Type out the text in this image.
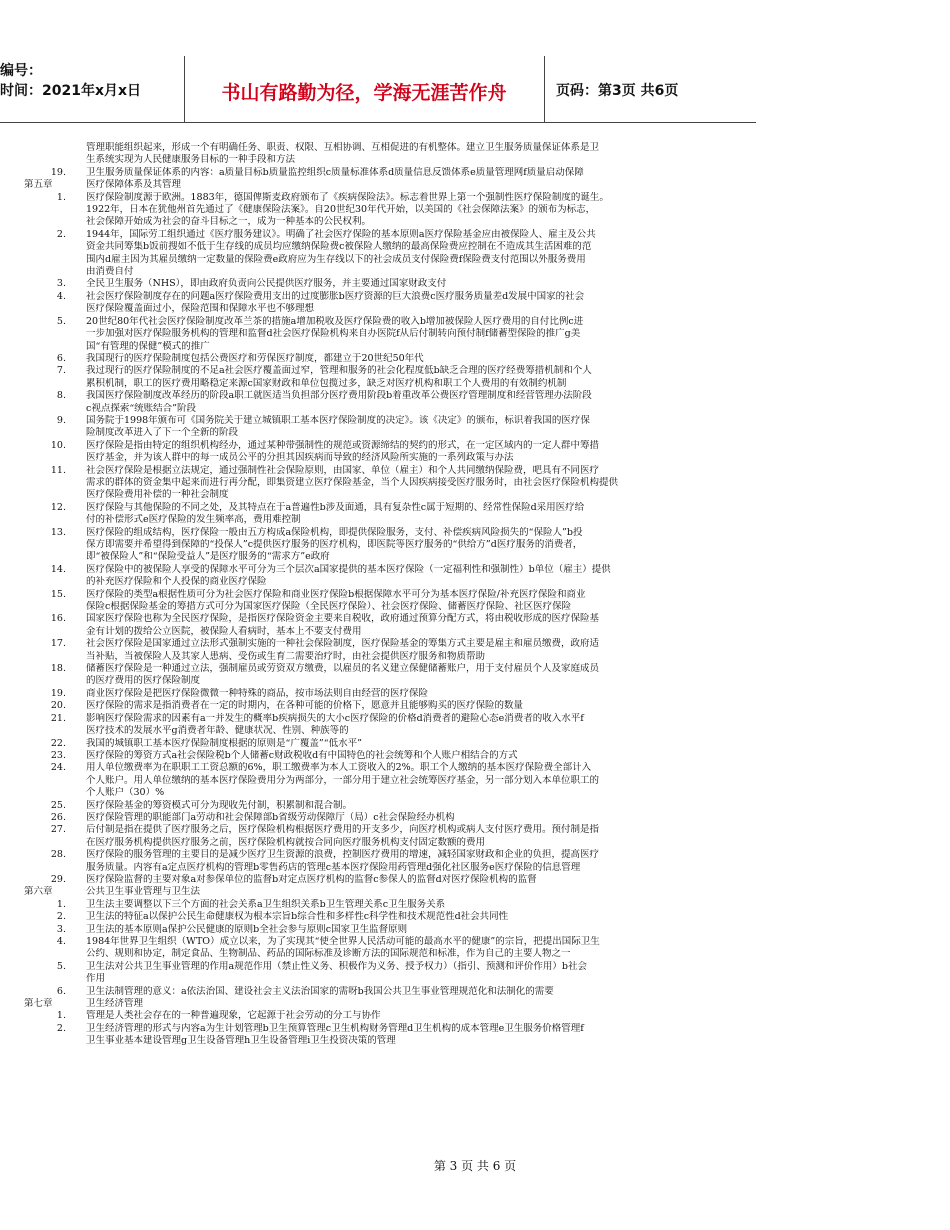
编号：
时间：2021年x月x日	书山有路勤为径，学海无涯苦作舟	页码：第3页 共6页
管理职能组织起来，形成一个有明确任务、职责、权限、互相协调、互相促进的有机整体。建立卫生服务质量保证体系是卫
生系统实现为人民健康服务目标的一种手段和方法
19.	卫生服务质量保证体系的内容：a质量目标b质量监控组织c质量标准体系d质量信息反馈体系e质量管理网f质量启动保障
第五章	医疗保障体系及其管理
1.	医疗保险制度源于欧洲。1883年，德国俾斯麦政府颁布了《疾病保险法》。标志着世界上第一个强制性医疗保险制度的诞生。
1922年，日本在犹他州首先通过了《健康保险法案》。自20世纪30年代开始，以美国的《社会保障法案》的颁布为标志，
社会保障开始成为社会的奋斗目标之一，成为一种基本的公民权利。
2.	1944年，国际劳工组织通过《医疗服务建议》。明确了社会医疗保险的基本原则a医疗保险基金应由被保险人、雇主及公共
资金共同筹集b饭前搜如不低于生存线的成员均应缴纳保险费c被保险人缴纳的最高保险费应控制在不造成其生活困难的范
围内d雇主因为其雇员缴纳一定数量的保险费e政府应为生存线以下的社会成员支付保险费f保险费支付范围以外服务费用
由消费自付
3.	全民卫生服务（NHS），即由政府负责向公民提供医疗服务，并主要通过国家财政支付
4.	社会医疗保险制度存在的问题a医疗保险费用支出的过度膨胀b医疗资源的巨大浪费c医疗服务质量差d发展中国家的社会
医疗保险覆盖面过小，保险范围和保障水平也不够理想
5.	20世纪80年代社会医疗保险制度改革兰茶的措施a增加税收及医疗保险费的收入b增加被保险人医疗费用的自付比例c进
一步加强对医疗保险服务机构的管理和监督d社会医疗保险机构来自办医院f从后付制转向预付制f储蓄型保险的推广g美
国“有管理的保健”模式的推广
6.	我国现行的医疗保险制度包括公费医疗和劳保医疗制度，都建立于20世纪50年代
7.	我过现行的医疗保险制度的不足a社会医疗覆盖面过窄，管理和服务的社会化程度低b缺乏合理的医疗经费筹措机制和个人
累积机制，职工的医疗费用略稳定来源c国家财政和单位包揽过多，缺乏对医疗机构和职工个人费用的有效制约机制
8.	我国医疗保险制度改革经历的阶段a职工就医适当负担部分医疗费用阶段b着重改革公费医疗管理制度和经营管理办法阶段
c视点探索“统账结合”阶段
9.	国务院于1998年颁布可《国务院关于建立城镇职工基本医疗保险制度的决定》。该《决定》的颁布，标识着我国的医疗保
险制度改革进入了下一个全新的阶段
10.	医疗保险是指由特定的组织机构经办，通过某种带强制性的规范或资源缔结的契约的形式，在一定区域内的一定人群中筹措
医疗基金，并为该人群中的每一成员公平的分担其因疾病而导致的经济风险所实施的一系列政策与办法
11.	社会医疗保险是根据立法规定，通过强制性社会保险原则，由国家、单位（雇主）和个人共同缴纳保险费，吧具有不同医疗
需求的群体的资金集中起来而进行再分配，即集资建立医疗保险基金，当个人因疾病接受医疗服务时，由社会医疗保险机构提供
医疗保险费用补偿的一种社会制度
12.	医疗保险与其他保险的不同之处，及其特点在于a普遍性b涉及面通，具有复杂性c属于短期的、经常性保险d采用医疗给
付的补偿形式e医疗保险的发生频率高，费用难控制
13.	医疗保险的组成结构，医疗保险一般由五方构成a保险机构，即提供保险服务，支付、补偿疾病风险损失的“保险人”b投
保方即需要并希望得到保障的“投保人”c提供医疗服务的医疗机构，即医院等医疗服务的“供给方”d医疗服务的消费者，
即“被保险人”和“保险受益人”是医疗服务的“需求方”e政府
14.	医疗保险中的被保险人享受的保障水平可分为三个层次a国家提供的基本医疗保险（一定福利性和强制性）b单位（雇主）提供
的补充医疗保险和个人投保的商业医疗保险
15.	医疗保险的类型a根据性质可分为社会医疗保险和商业医疗保险b根据保障水平可分为基本医疗保险/补充医疗保险和商业
保险c根据保险基金的筹措方式可分为国家医疗保险（全民医疗保险）、社会医疗保险、储蓄医疗保险、社区医疗保险
16.	国家医疗保险也称为全民医疗保险，是指医疗保险资金主要来自税收，政府通过预算分配方式，将由税收形成的医疗保险基
金有计划的拨给公立医院，被保险人看病时，基本上不要支付费用
17.	社会医疗保险是国家通过立法形式强制实施的一种社会保险制度，医疗保险基金的筹集方式主要是雇主和雇员缴费，政府适
当补贴，当被保险人及其家人患病、受伤或生育二需要治疗时，由社会提供医疗服务和物质帮助
18.	储蓄医疗保险是一种通过立法，强制雇员或劳资双方缴费，以雇员的名义建立保健储蓄账户，用于支付雇员个人及家庭成员
的医疗费用的医疗保险制度
19.	商业医疗保险是把医疗保险微微一种特殊的商品，按市场法则自由经营的医疗保险
20.	医疗保险的需求是指消费者在一定的时期内，在各种可能的价格下，愿意并且能够购买的医疗保险的数量
21.	影响医疗保险需求的因素有a一并发生的概率b疾病损失的大小c医疗保险的价格d消费者的避险心态e消费者的收入水平f
医疗技术的发展水平g消费者年龄、健康状况、性别、种族等的
22.	我国的城镇职工基本医疗保险制度根据的原则是“广覆盖”“低水平”
23.	医疗保险的筹资方式a社会保险税b个人储蓄c财政税收d有中国特色的社会统筹和个人账户相结合的方式
24.	用人单位缴费率为在职职工工资总额的6%，职工缴费率为本人工资收入的2%。职工个人缴纳的基本医疗保险费全部计入
个人账户。用人单位缴纳的基本医疗保险费用分为两部分，一部分用于建立社会统筹医疗基金，另一部分划入本单位职工的
个人账户（30）%
25.	医疗保险基金的筹资模式可分为现收先付制，积累制和混合制。
26.	医疗保险管理的职能部门a劳动和社会保障部b省级劳动保障厅（局）c社会保险经办机构
27.	后付制是指在提供了医疗服务之后，医疗保险机构根据医疗费用的开支多少，向医疗机构或病人支付医疗费用。预付制是指
在医疗服务机构提供医疗服务之前，医疗保险机构就按合同向医疗服务机构支付固定数额的费用
28.	医疗保险的服务管理的主要目的是减少医疗卫生资源的浪费，控制医疗费用的增速，减轻国家财政和企业的负担，提高医疗
服务质量。内容有a定点医疗机构的管理b零售药店的管理c基本医疗保险用药管理d强化社区服务e医疗保险的信息管理
29.	医疗保险监督的主要对象a对参保单位的监督b对定点医疗机构的监督c参保人的监督d对医疗保险机构的监督
第六章	公共卫生事业管理与卫生法
1.	卫生法主要调整以下三个方面的社会关系a卫生组织关系b卫生管理关系c卫生服务关系
2.	卫生法的特征a以保护公民生命健康权为根本宗旨b综合性和多样性c科学性和技术规范性d社会共同性
3.	卫生法的基本原则a保护公民健康的原则b全社会参与原则c国家卫生监督原则
4.	1984年世界卫生组织（WTO）成立以来，为了实现其“使全世界人民活动可能的最高水平的健康”的宗旨，把提出国际卫生
公约、规则和协定，制定食品、生物制品、药品的国际标准及诊断方法的国际规范和标准，作为自己的主要人物之一
5.	卫生法对公共卫生事业管理的作用a规范作用（禁止性义务、积极作为义务、授予权力）（指引、预测和评价作用）b社会
作用
6.	卫生法制管理的意义：a依法治国、建设社会主义法治国家的需呀b我国公共卫生事业管理规范化和法制化的需要
第七章	卫生经济管理
1.	管理是人类社会存在的一种普遍现象，它起源于社会劳动的分工与协作
2.	卫生经济管理的形式与内容a为生计划管理b卫生预算管理c卫生机构财务管理d卫生机构的成本管理e卫生服务价格管理f
卫生事业基本建设管理g卫生设备管理h卫生设备管理i卫生投资决策的管理
第 3 页 共 6 页
